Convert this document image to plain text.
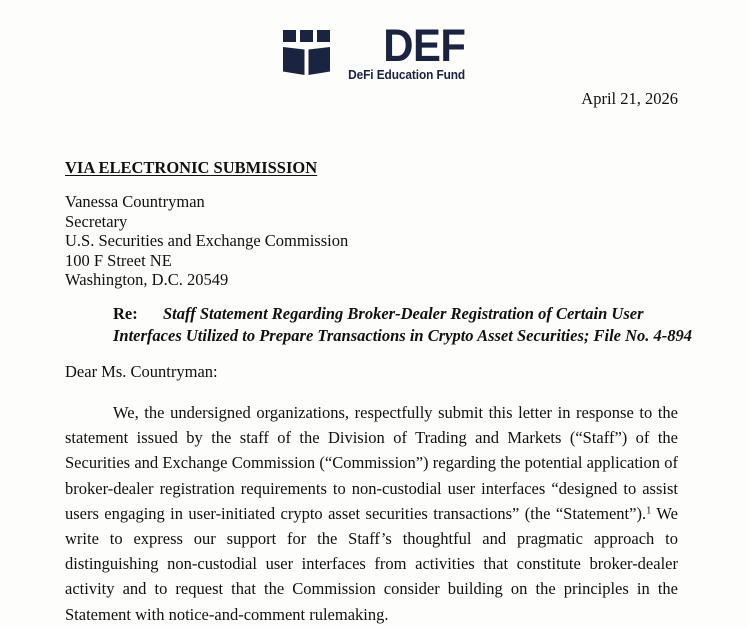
DEF
DeFi Education Fund
April 21, 2026
VIA ELECTRONIC SUBMISSION
Vanessa Countryman
Secretary
U.S. Securities and Exchange Commission
100 F Street NE
Washington, D.C. 20549
Re: Staff Statement Regarding Broker-Dealer Registration of Certain User
Interfaces Utilized to Prepare Transactions in Crypto Asset Securities; File No. 4-894
Dear Ms. Countryman:
We, the undersigned organizations, respectfully submit this letter in response to the statement issued by the staff of the Division of Trading and Markets (“Staff”) of the Securities and Exchange Commission (“Commission”) regarding the potential application of broker-dealer registration requirements to non-custodial user interfaces “designed to assist users engaging in user-initiated crypto asset securities transactions” (the “Statement”).$^1$ We write to express our support for the Staff’s thoughtful and pragmatic approach to distinguishing non-custodial user interfaces from activities that constitute broker-dealer activity and to request that the Commission consider building on the principles in the Statement with notice-and-comment rulemaking.
